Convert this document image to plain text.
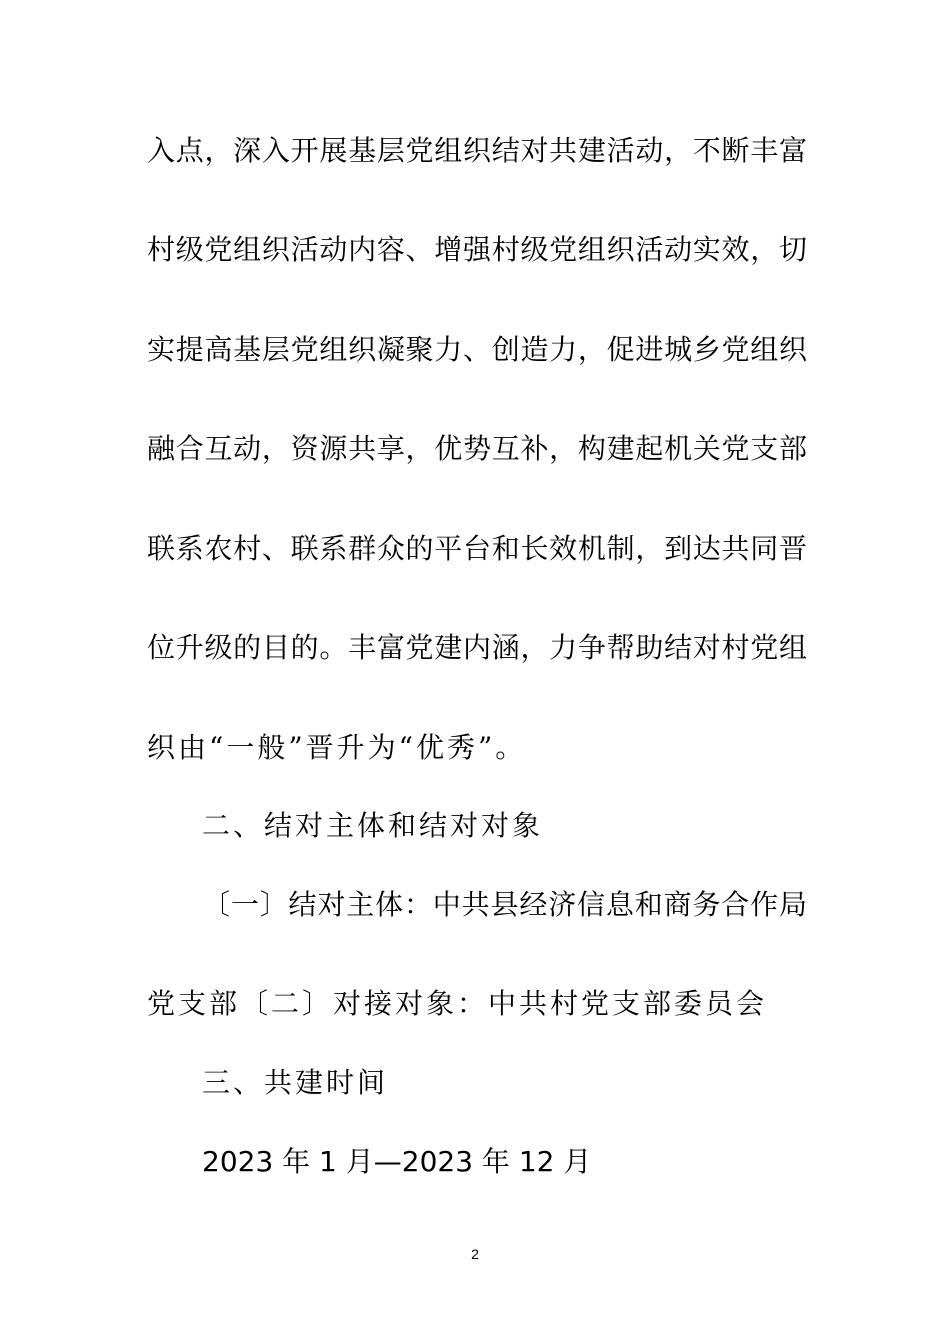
入点，深入开展基层党组织结对共建活动，不断丰富

村级党组织活动内容、增强村级党组织活动实效，切

实提高基层党组织凝聚力、创造力，促进城乡党组织

融合互动，资源共享，优势互补，构建起机关党支部

联系农村、联系群众的平台和长效机制，到达共同晋

位升级的目的。丰富党建内涵，力争帮助结对村党组

织由“一般”晋升为“优秀”。

二、结对主体和结对对象

〔一〕结对主体：中共县经济信息和商务合作局

党支部〔二〕对接对象：中共村党支部委员会

三、共建时间

2023 年 1 月—2023 年 12 月

2
